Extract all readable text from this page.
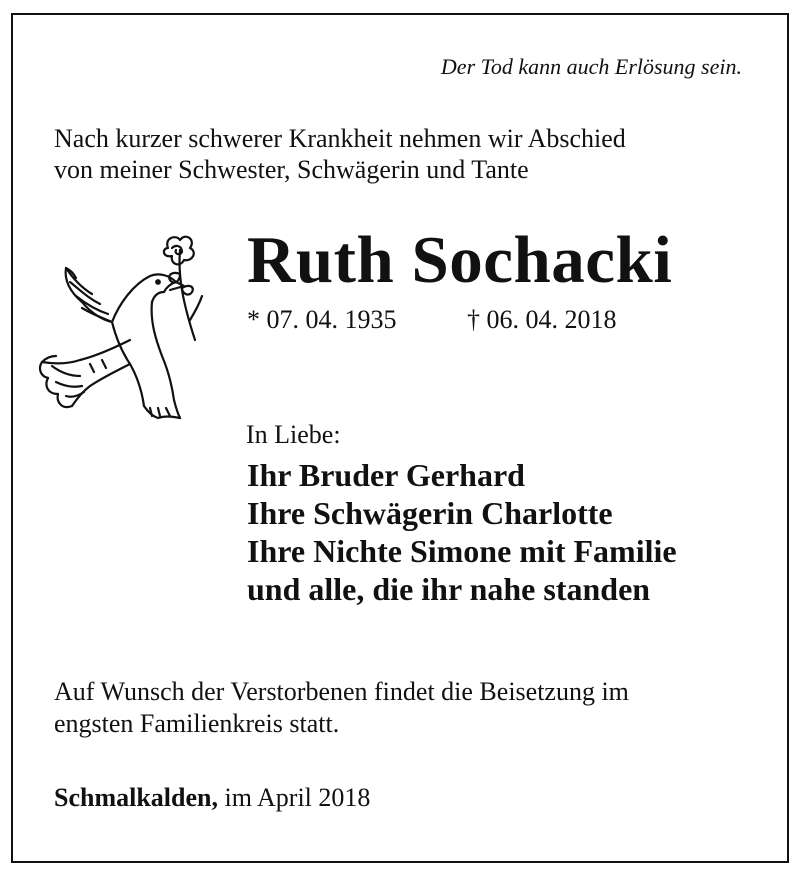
Der Tod kann auch Erlösung sein.
Nach kurzer schwerer Krankheit nehmen wir Abschied
von meiner Schwester, Schwägerin und Tante
Ruth Sochacki
* 07. 04. 1935	† 06. 04. 2018
In Liebe:
Ihr Bruder Gerhard
Ihre Schwägerin Charlotte
Ihre Nichte Simone mit Familie
und alle, die ihr nahe standen
Auf Wunsch der Verstorbenen findet die Beisetzung im
engsten Familienkreis statt.
Schmalkalden, im April 2018
